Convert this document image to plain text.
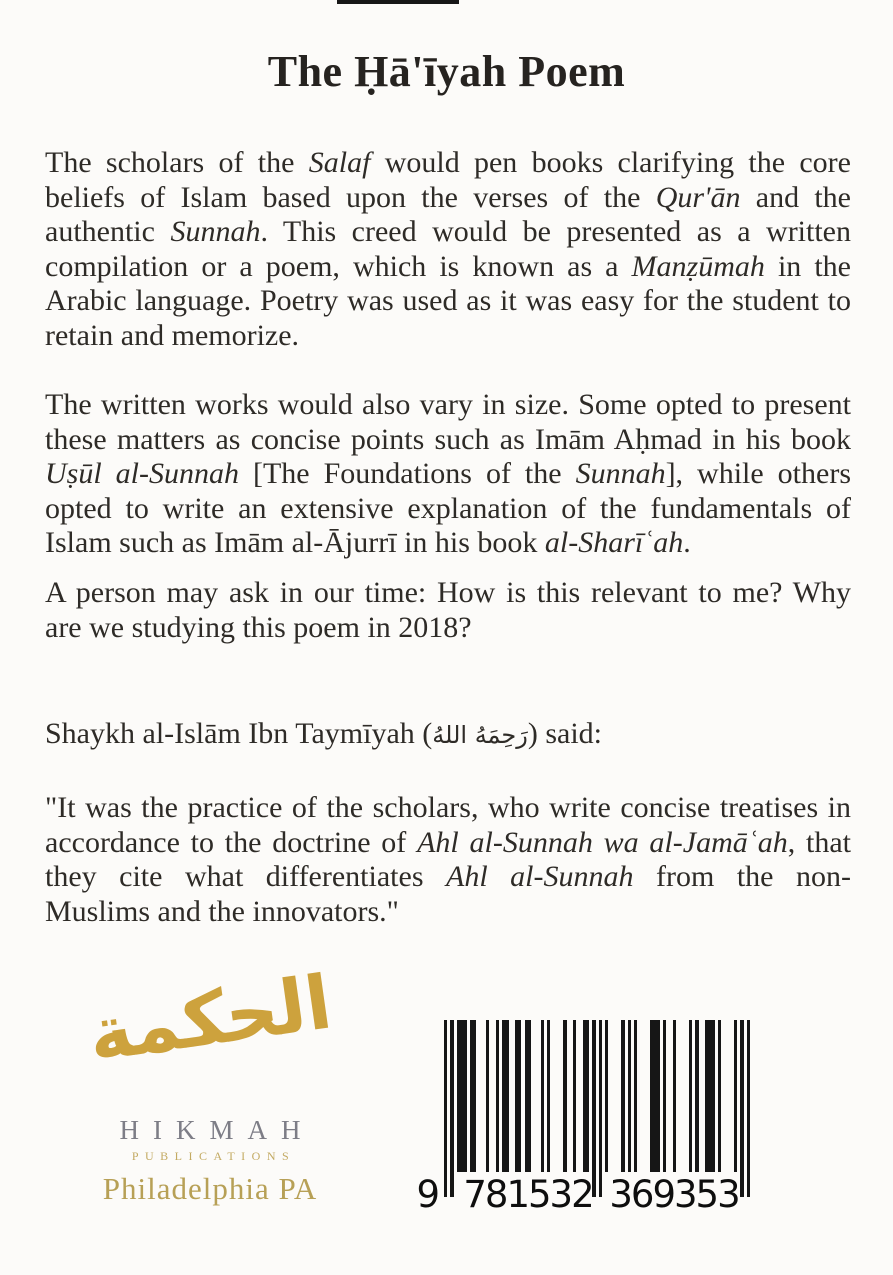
The Ḥā'īyah Poem
The scholars of the Salaf would pen books clarifying the core
beliefs of Islam based upon the verses of the Qur'ān and the
authentic Sunnah. This creed would be presented as a written
compilation or a poem, which is known as a Manẓūmah in the
Arabic language. Poetry was used as it was easy for the student to
retain and memorize.
The written works would also vary in size. Some opted to present
these matters as concise points such as Imām Aḥmad in his book
Uṣūl al-Sunnah [The Foundations of the Sunnah], while others
opted to write an extensive explanation of the fundamentals of
Islam such as Imām al-Ājurrī in his book al-Sharīʿah.
A person may ask in our time: How is this relevant to me? Why
are we studying this poem in 2018?
Shaykh al-Islām Ibn Taymīyah (رَحِمَهُ اللهُ) said:
"It was the practice of the scholars, who write concise treatises in
accordance to the doctrine of Ahl al-Sunnah wa al-Jamāʿah, that
they cite what differentiates Ahl al-Sunnah from the non-
Muslims and the innovators."
الحكمة
HIKMAH
PUBLICATIONS
Philadelphia PA	9 781532 369353
